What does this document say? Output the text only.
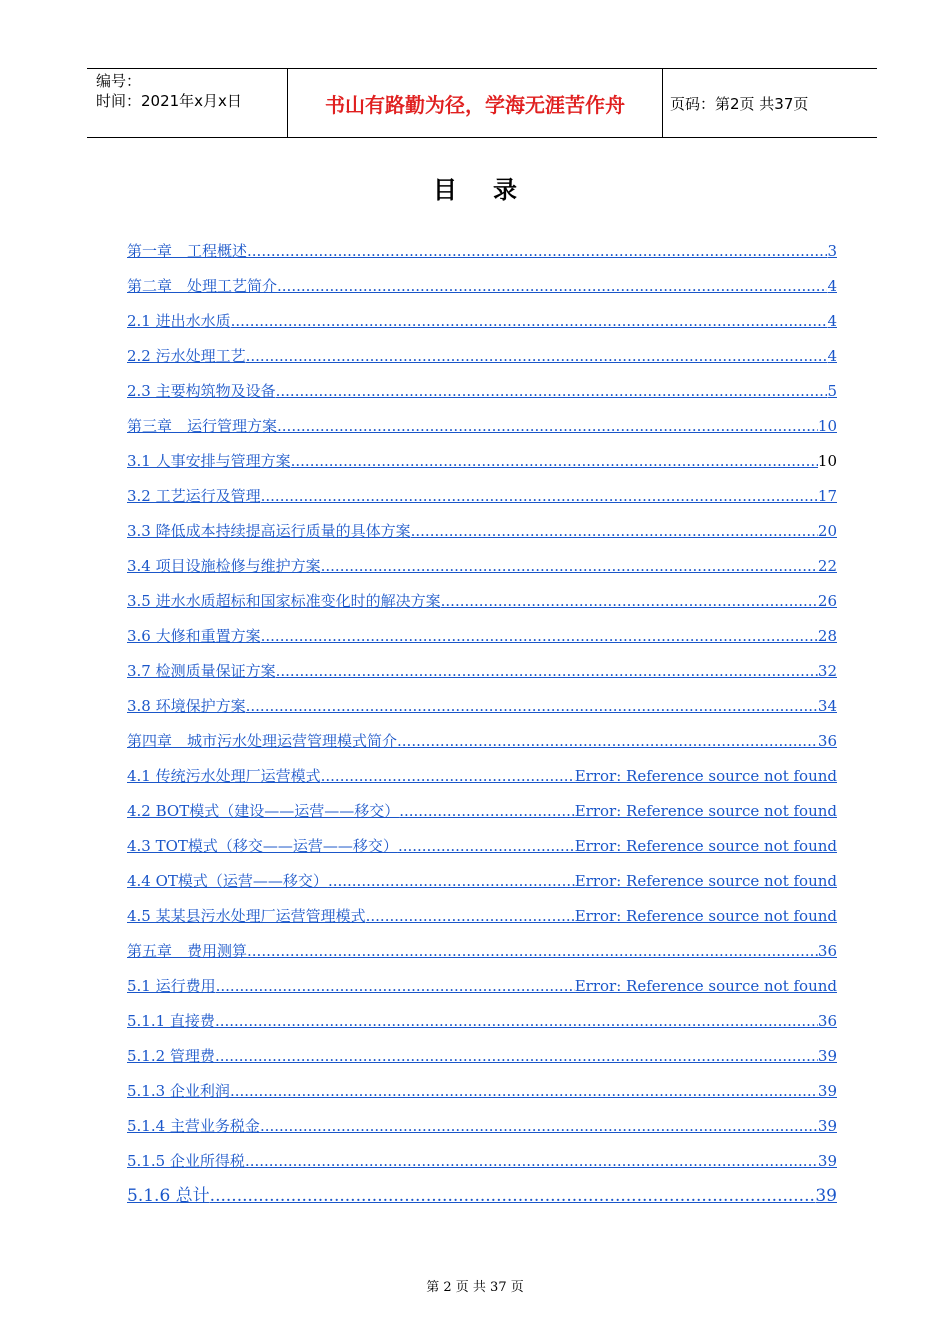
编号：
时间：2021年x月x日	书山有路勤为径，学海无涯苦作舟	页码：第2页 共37页
目录
第一章　工程概述 .....	3
第二章　处理工艺简介 .....	4
2.1 进出水水质 .....	4
2.2 污水处理工艺 .....	4
2.3 主要构筑物及设备 .....	5
第三章　运行管理方案 .....	10
3.1 人事安排与管理方案 .....	10
3.2 工艺运行及管理 .....	17
3.3 降低成本持续提高运行质量的具体方案 .....	20
3.4 项目设施检修与维护方案 .....	22
3.5 进水水质超标和国家标准变化时的解决方案 .....	26
3.6 大修和重置方案 .....	28
3.7 检测质量保证方案 .....	32
3.8 环境保护方案 .....	34
第四章　城市污水处理运营管理模式简介 .....	36
4.1 传统污水处理厂运营模式 .....	Error: Reference source not found
4.2 BOT模式（建设——运营——移交） .....	Error: Reference source not found
4.3 TOT模式（移交——运营——移交） .....	Error: Reference source not found
4.4 OT模式（运营——移交） .....	Error: Reference source not found
4.5 某某县污水处理厂运营管理模式 .....	Error: Reference source not found
第五章　费用测算 .....	36
5.1 运行费用 .....	Error: Reference source not found
5.1.1 直接费 .....	36
5.1.2 管理费 .....	39
5.1.3 企业利润 .....	39
5.1.4 主营业务税金 .....	39
5.1.5 企业所得税 .....	39
5.1.6 总计 .....	39
第 2 页 共 37 页
